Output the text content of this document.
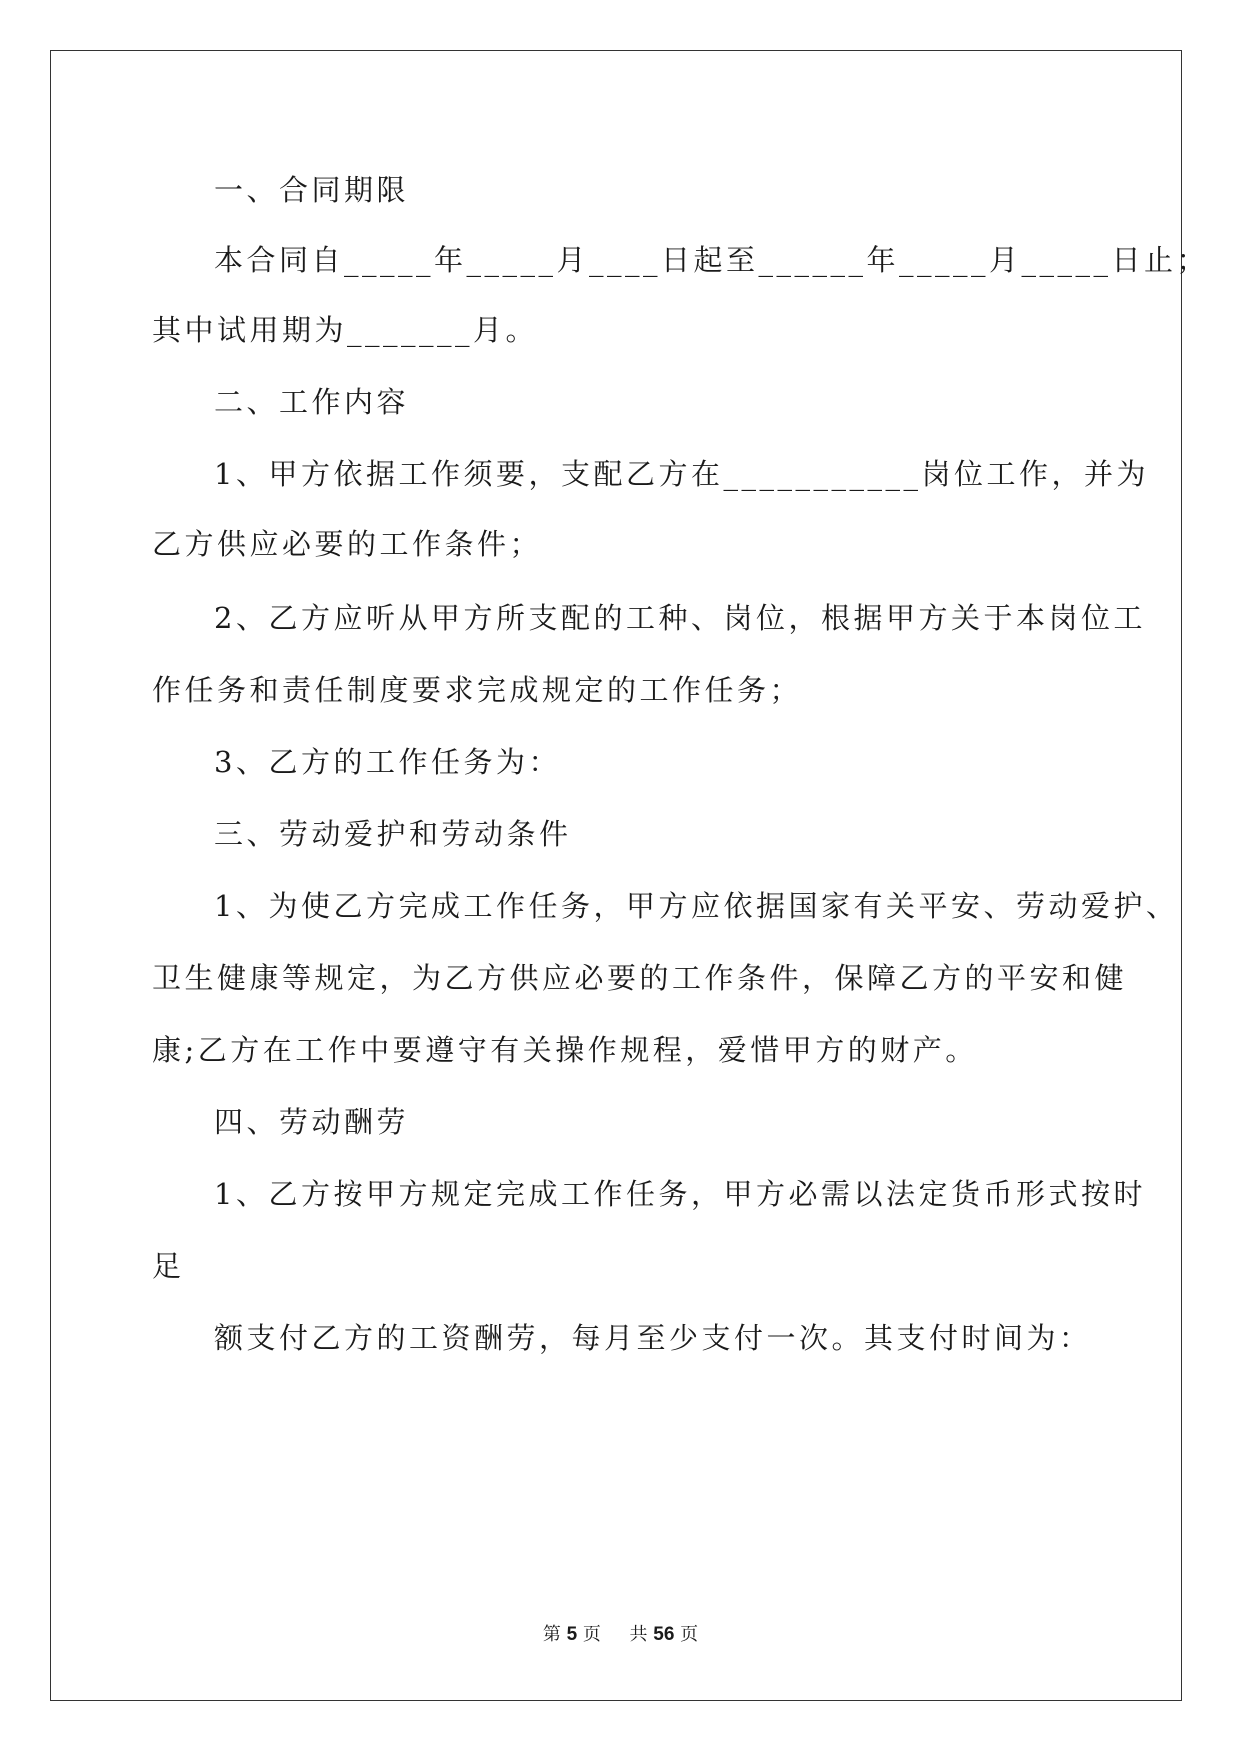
一、合同期限
本合同自_____年_____月____日起至______年_____月_____日止；
其中试用期为_______月。
二、工作内容
1、甲方依据工作须要，支配乙方在___________岗位工作，并为
乙方供应必要的工作条件；
2、乙方应听从甲方所支配的工种、岗位，根据甲方关于本岗位工
作任务和责任制度要求完成规定的工作任务；
3、乙方的工作任务为：
三、劳动爱护和劳动条件
1、为使乙方完成工作任务，甲方应依据国家有关平安、劳动爱护、
卫生健康等规定，为乙方供应必要的工作条件，保障乙方的平安和健
康;乙方在工作中要遵守有关操作规程，爱惜甲方的财产。
四、劳动酬劳
1、乙方按甲方规定完成工作任务，甲方必需以法定货币形式按时
足
额支付乙方的工资酬劳，每月至少支付一次。其支付时间为：
第 5 页 共 56 页
